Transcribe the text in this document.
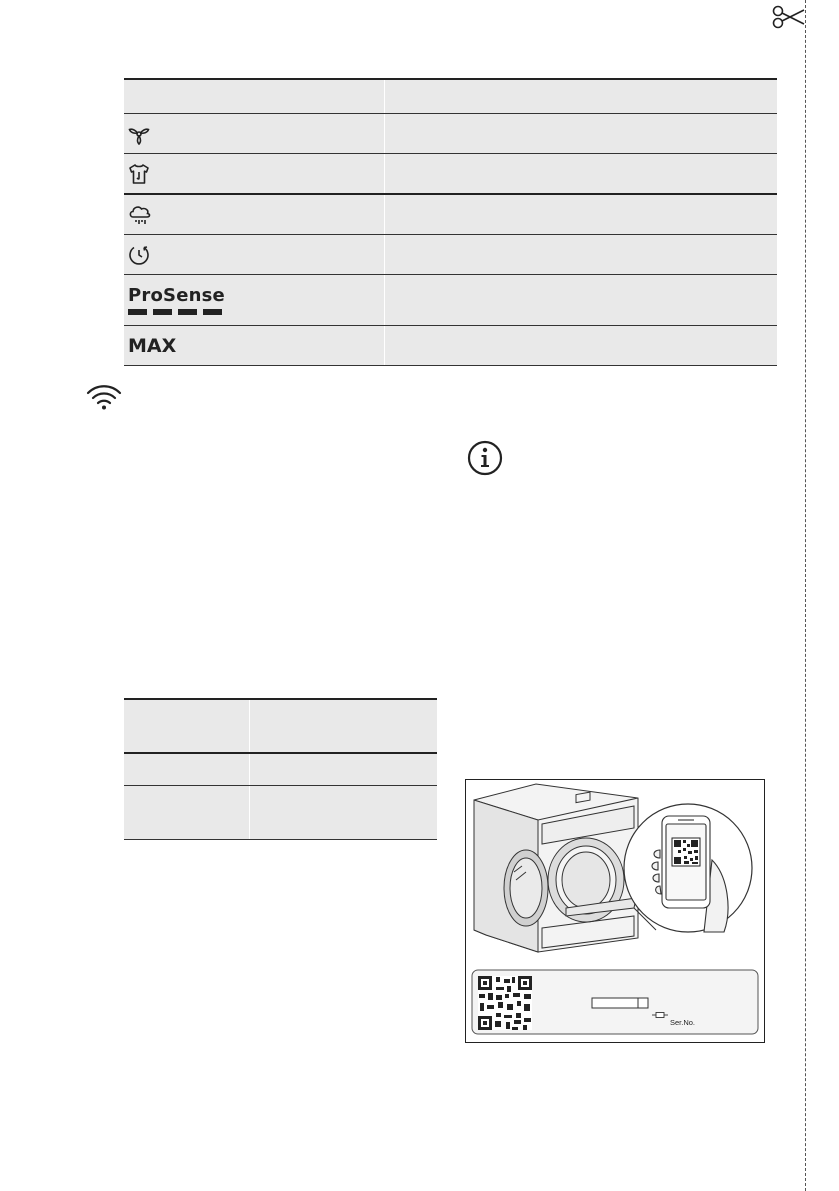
ProSense
MAX
Ser.No.
